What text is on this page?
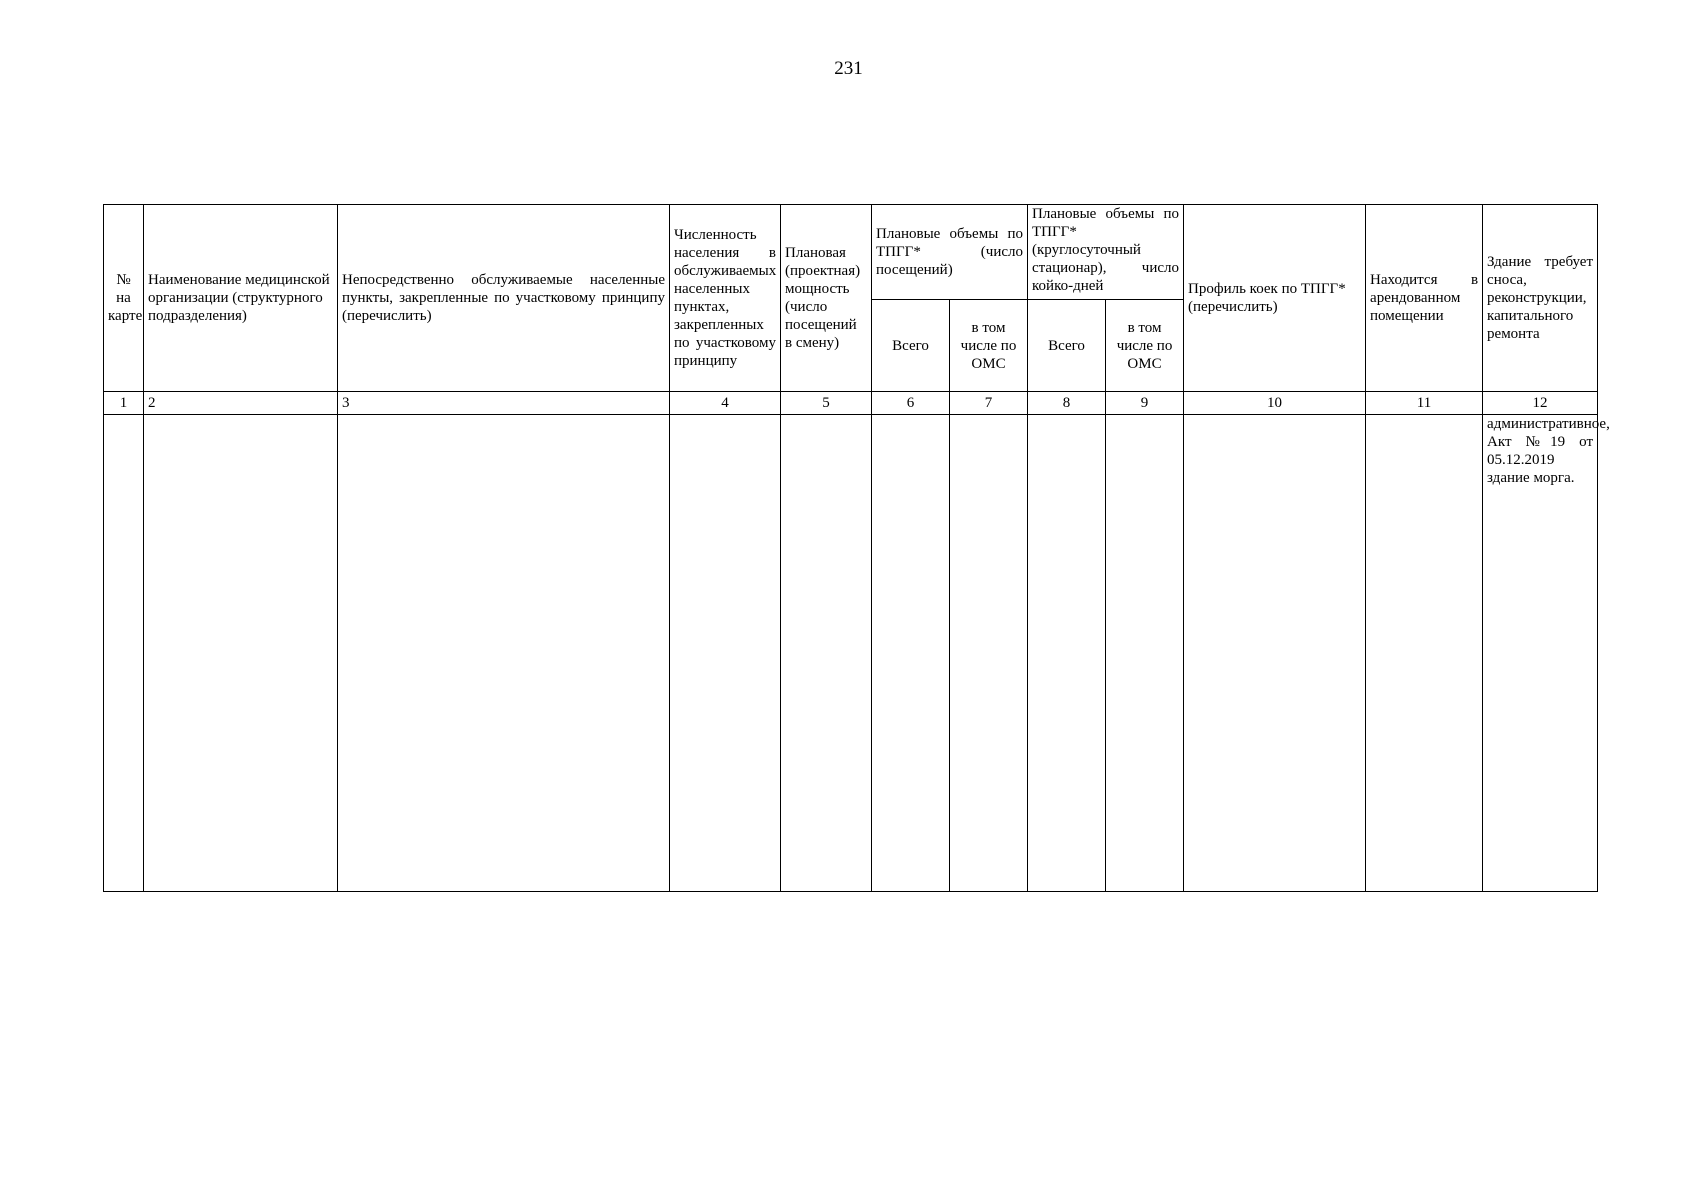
231
№ на карте	Наименование медицинской организации (структурного подразделения)	Непосредственно обслуживаемые населенные пункты, закрепленные по участковому принципу (перечислить)	Численность населения в обслуживаемых населенных пунктах, закрепленных по участковому принципу	Плановая (проектная) мощность (число посещений в смену)	Плановые объемы по ТПГГ* (число посещений)		Плановые объемы по ТПГГ* (круглосуточный стационар), число койко-дней		Профиль коек по ТПГГ* (перечислить)	Находится в арендованном помещении	Здание требует сноса, реконструкции, капитального ремонта
					Всего	в том числе по ОМС	Всего	в том числе по ОМС			
1	2	3	4	5	6	7	8	9	10	11	12
											административное, Акт №19 от 05.12.2019 здание морга.
